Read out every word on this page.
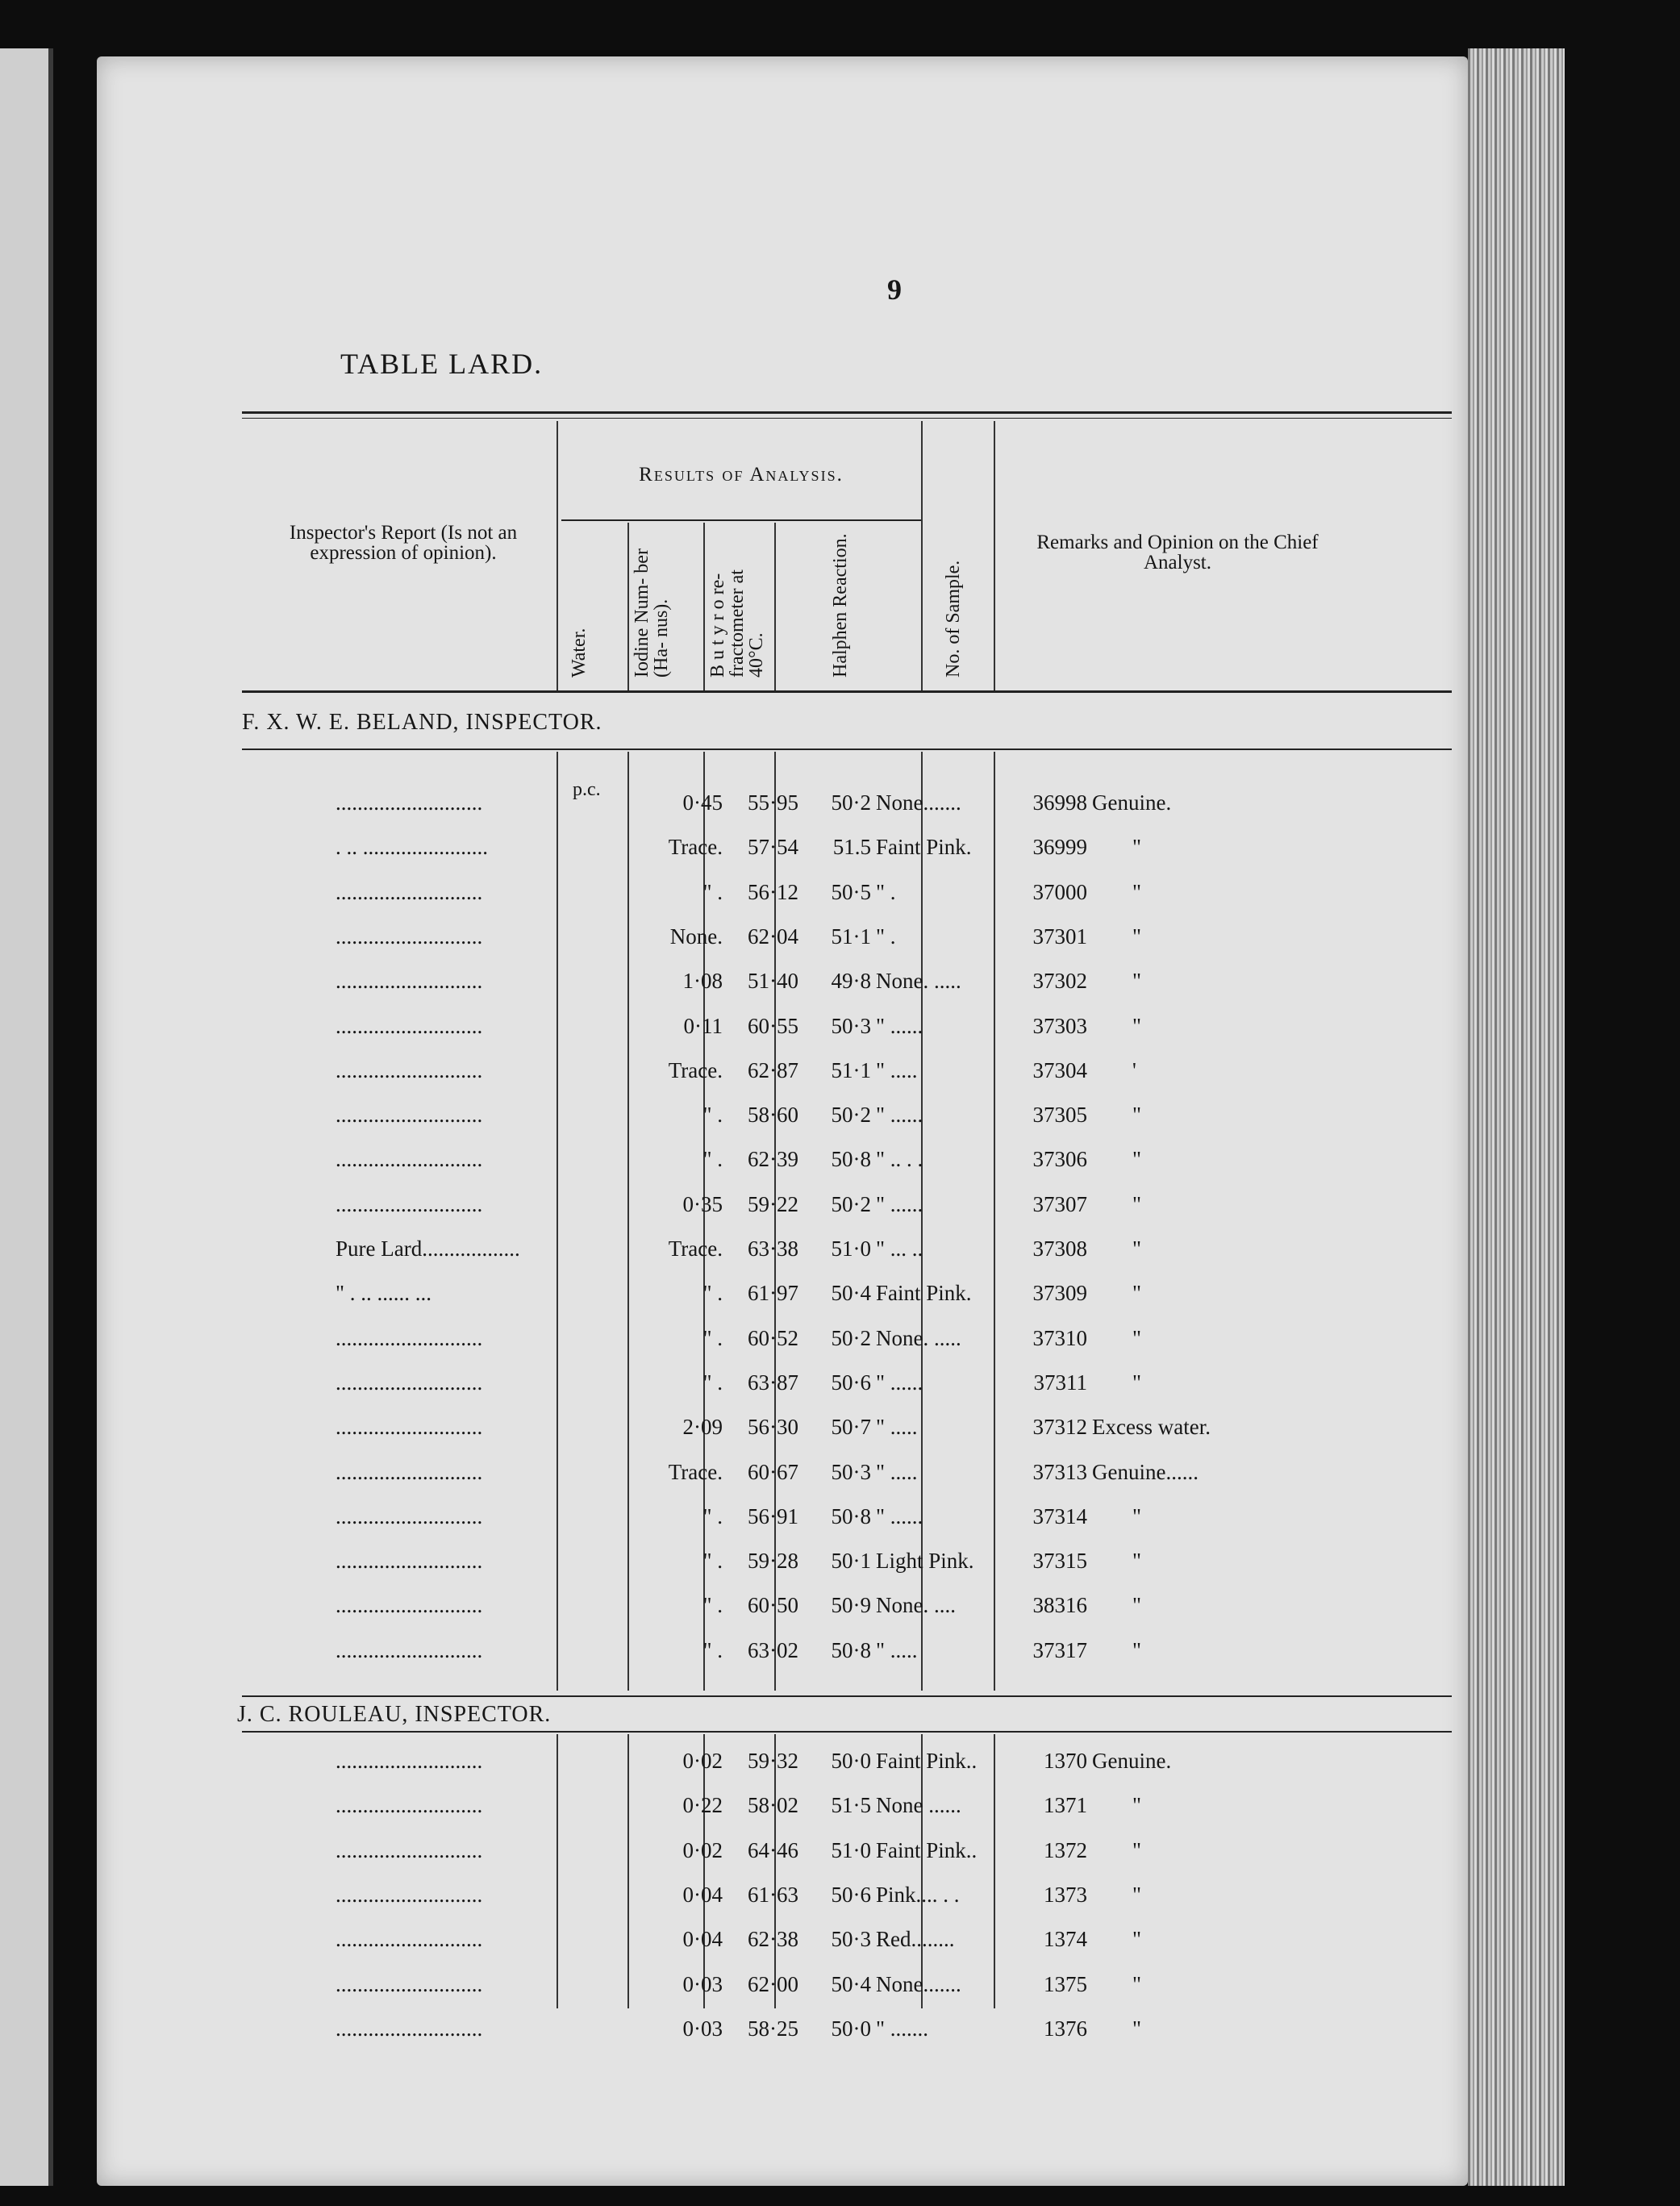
9
TABLE LARD.
Inspector's Report (Is not an expression of opinion).
Results of Analysis.
Water. Iodine Num- ber (Ha- nus). B u t y r o re- fractometer at 40°C.	Halphen Reaction.	No. of Sample.
Remarks and Opinion on the Chief Analyst.
F. X. W. E. BELAND, INSPECTOR.
p.c.
...........................	0·45	55·95	50·2 None.......	36998 Genuine.
. .. .......................	Trace.	57·54	51.5 Faint Pink.	36999 "
...........................	" .	56·12	50·5 " .	37000 "
...........................	None.	62·04	51·1 " .	37301 "
...........................	1·08	51·40	49·8 None. .....	37302 "
...........................	0·11	60·55	50·3 " ......	37303 "
...........................	Trace.	62·87	51·1 " .....	37304 '
...........................	" .	58·60	50·2 " ......	37305 "
...........................	" .	62·39	50·8 " .. . .	37306 "
...........................	0·35	59·22	50·2 " ......	37307 "
Pure Lard..................	Trace.	63·38	51·0 " ... ..	37308 "
" . .. ...... ...	" .	61·97	50·4 Faint Pink.	37309 "
...........................	" .	60·52	50·2 None. .....	37310 "
...........................	" .	63·87	50·6 " ......	37311 "
...........................	2·09	56·30	50·7 " .....	37312 Excess water.
...........................	Trace.	60·67	50·3 " .....	37313 Genuine......
...........................	" .	56·91	50·8 " ......	37314 "
...........................	" .	59·28	50·1 Light Pink.	37315 "
...........................	" .	60·50	50·9 None. ....	38316 "
...........................	" .	63·02	50·8 " .....	37317 "
J. C. ROULEAU, INSPECTOR.
...........................	0·02	59·32	50·0 Faint Pink..	1370 Genuine.
...........................	0·22	58·02	51·5 None ......	1371 "
...........................	0·02	64·46	51·0 Faint Pink..	1372 "
...........................	0·04	61·63	50·6 Pink.... . .	1373 "
...........................	0·04	62·38	50·3 Red........	1374 "
...........................	0·03	62·00	50·4 None.......	1375 "
...........................	0·03	58·25	50·0 " .......	1376 "
